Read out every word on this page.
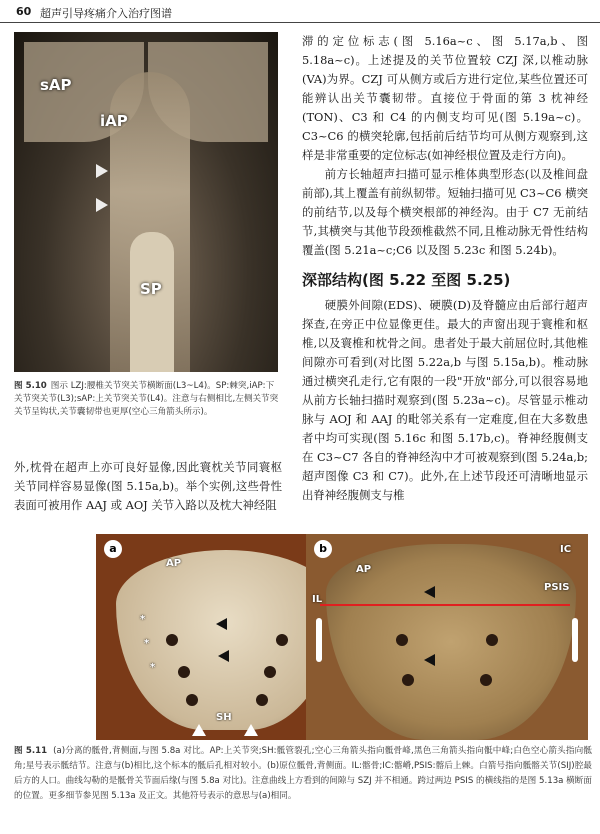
60 超声引导疼痛介入治疗图谱
sAP
iAP
SP
图 5.10 图示 LZJ:腰椎关节突关节横断面(L3~L4)。SP:棘突,iAP:下关节突关节(L3);sAP:上关节突关节(L4)。注意与右侧相比,左侧关节突关节呈钩状,关节囊韧带也更厚(空心三角箭头所示)。
外,枕骨在超声上亦可良好显像,因此寰枕关节同寰枢关节同样容易显像(图 5.15a,b)。举个实例,这些骨性表面可被用作 AAJ 或 AOJ 关节入路以及枕大神经阻

滞的定位标志(图 5.16a~c、图 5.17a,b、图 5.18a~c)。上述提及的关节位置较 CZJ 深,以椎动脉(VA)为界。CZJ 可从侧方或后方进行定位,某些位置还可能辨认出关节囊韧带。直接位于骨面的第 3 枕神经(TON)、C3 和 C4 的内侧支均可见(图 5.19a~c)。C3~C6 的横突轮廓,包括前后结节均可从侧方观察到,这样是非常重要的定位标志(如神经根位置及走行方向)。

前方长轴超声扫描可显示椎体典型形态(以及椎间盘前部),其上覆盖有前纵韧带。短轴扫描可见 C3~C6 横突的前结节,以及每个横突根部的神经沟。由于 C7 无前结节,其横突与其他节段颈椎截然不同,且椎动脉无骨性结构覆盖(图 5.21a~c;C6 以及图 5.23c 和图 5.24b)。

深部结构(图 5.22 至图 5.25)

硬膜外间隙(EDS)、硬膜(D)及脊髓应由后部行超声探查,在旁正中位显像更佳。最大的声窗出现于寰椎和枢椎,以及寰椎和枕骨之间。患者处于最大前屈位时,其他椎间隙亦可看到(对比图 5.22a,b 与图 5.15a,b)。椎动脉通过横突孔走行,它有限的一段"开放"部分,可以很容易地从前方长轴扫描时观察到(图 5.23a~c)。尽管显示椎动脉与 AOJ 和 AAJ 的毗邻关系有一定难度,但在大多数患者中均可实现(图 5.16c 和图 5.17b,c)。脊神经腹侧支在 C3~C7 各自的脊神经沟中才可被观察到(图 5.24a,b;超声图像 C3 和 C7)。此外,在上述节段还可清晰地显示出脊神经腹侧支与椎

a
AP
SH
*
*
*
b
AP
IL
IC
PSIS
图 5.11 (a)分离的骶骨,背侧面,与图 5.8a 对比。AP:上关节突;SH:骶管裂孔;空心三角箭头指向骶骨峰,黑色三角箭头指向骶中峰;白色空心箭头指向骶角;星号表示骶结节。注意与(b)相比,这个标本的骶后孔相对较小。(b)原位骶骨,背侧面。IL:髂骨;IC:髂嵴,PSIS:髂后上棘。白箭号指向骶髂关节(SIJ)腔最后方的人口。曲线勾勒的是骶骨关节面后缘(与图 5.8a 对比)。注意曲线上方看到的间隙与 SZJ 并不相通。跨过两边 PSIS 的横线指的是图 5.13a 横断面的位置。更多细节参见图 5.13a 及正文。其他符号表示的意思与(a)相同。
